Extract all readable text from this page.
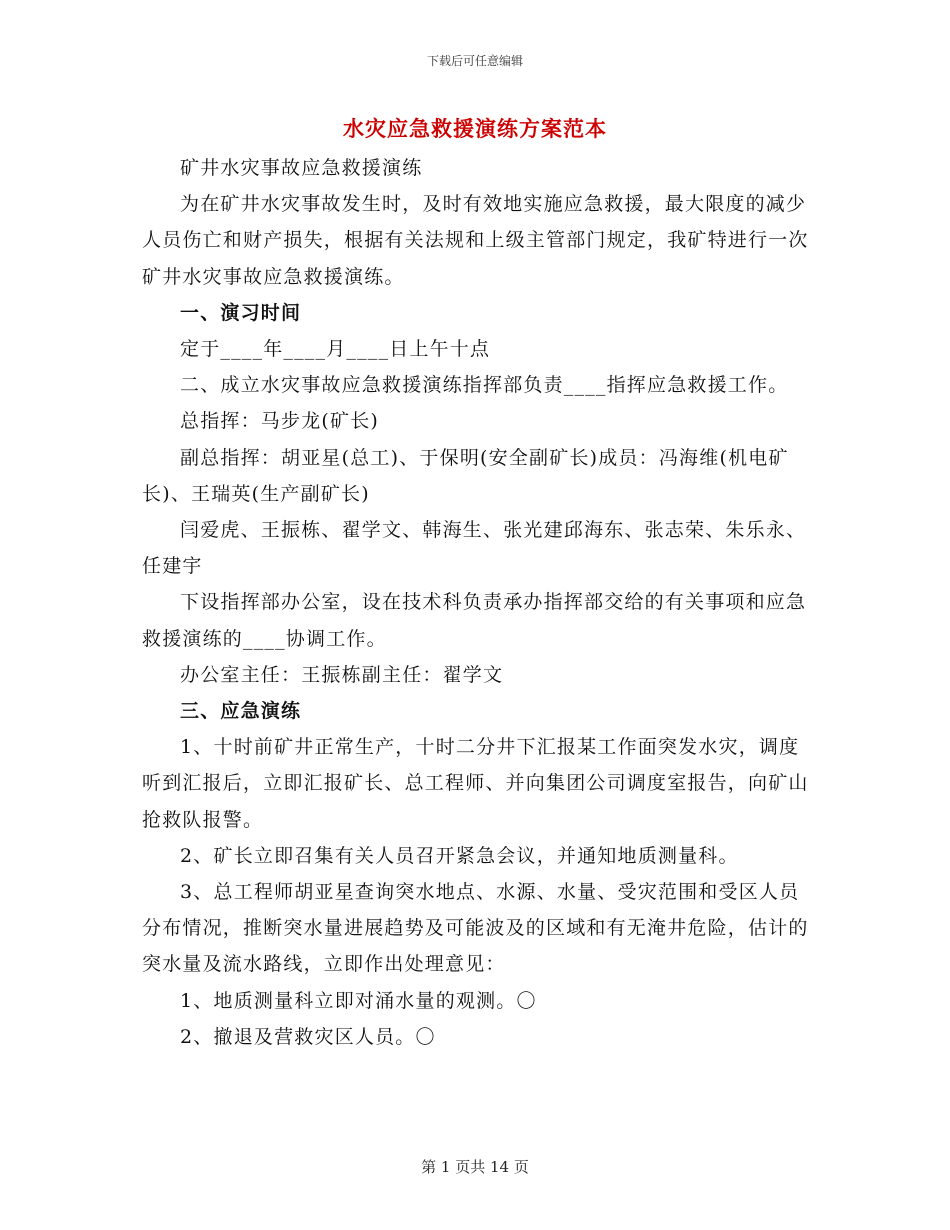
下载后可任意编辑
水灾应急救援演练方案范本

矿井水灾事故应急救援演练

为在矿井水灾事故发生时，及时有效地实施应急救援，最大限度的减少人员伤亡和财产损失，根据有关法规和上级主管部门规定，我矿特进行一次矿井水灾事故应急救援演练。

一、演习时间

定于____年____月____日上午十点

二、成立水灾事故应急救援演练指挥部负责____指挥应急救援工作。

总指挥：马步龙(矿长)

副总指挥：胡亚星(总工)、于保明(安全副矿长)成员：冯海维(机电矿长)、王瑞英(生产副矿长)

闫爱虎、王振栋、翟学文、韩海生、张光建邱海东、张志荣、朱乐永、任建宇

下设指挥部办公室，设在技术科负责承办指挥部交给的有关事项和应急救援演练的____协调工作。

办公室主任：王振栋副主任：翟学文

三、应急演练

1、十时前矿井正常生产，十时二分井下汇报某工作面突发水灾，调度听到汇报后，立即汇报矿长、总工程师、并向集团公司调度室报告，向矿山抢救队报警。

2、矿长立即召集有关人员召开紧急会议，并通知地质测量科。

3、总工程师胡亚星查询突水地点、水源、水量、受灾范围和受区人员分布情况，推断突水量进展趋势及可能波及的区域和有无淹井危险，估计的突水量及流水路线，立即作出处理意见：

1、地质测量科立即对涌水量的观测。〇

2、撤退及营救灾区人员。〇

第 1 页共 14 页
